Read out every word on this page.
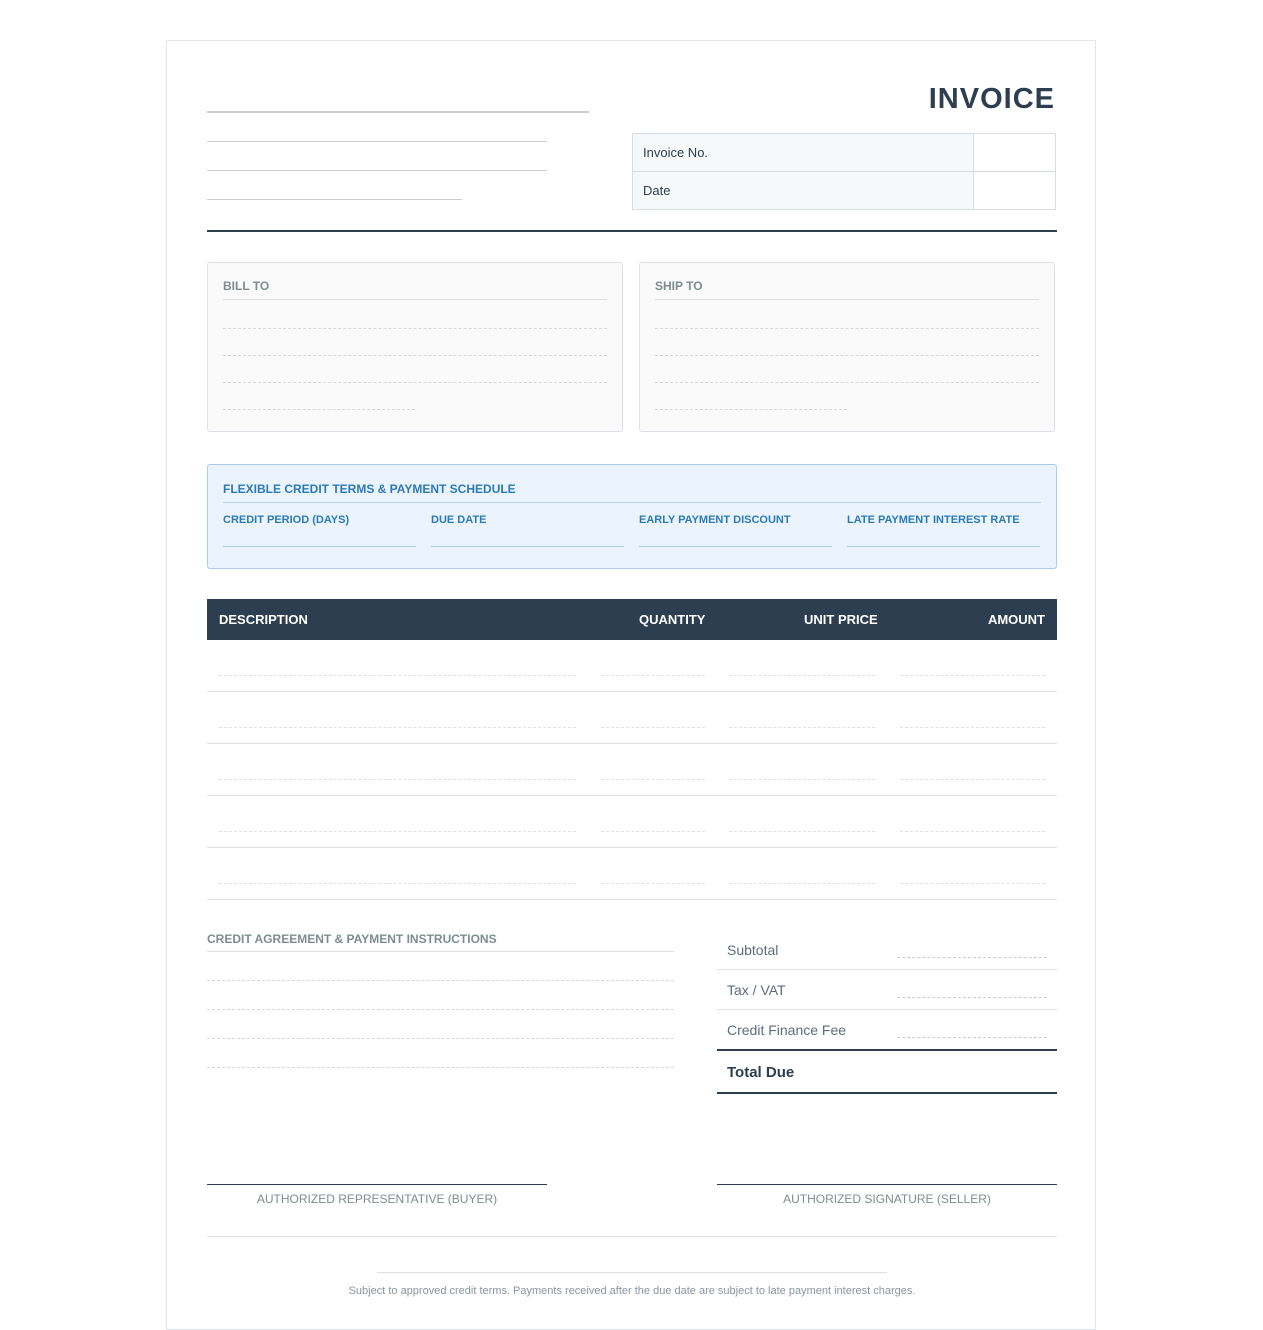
INVOICE
Invoice No.	
Date	
BILL TO	SHIP TO
FLEXIBLE CREDIT TERMS & PAYMENT SCHEDULE
CREDIT PERIOD (DAYS)	DUE DATE	EARLY PAYMENT DISCOUNT	LATE PAYMENT INTEREST RATE
DESCRIPTION	QUANTITY	UNIT PRICE	AMOUNT
CREDIT AGREEMENT & PAYMENT INSTRUCTIONS
Subtotal
Tax / VAT
Credit Finance Fee
Total Due
AUTHORIZED REPRESENTATIVE (BUYER)	AUTHORIZED SIGNATURE (SELLER)
Subject to approved credit terms. Payments received after the due date are subject to late payment interest charges.
